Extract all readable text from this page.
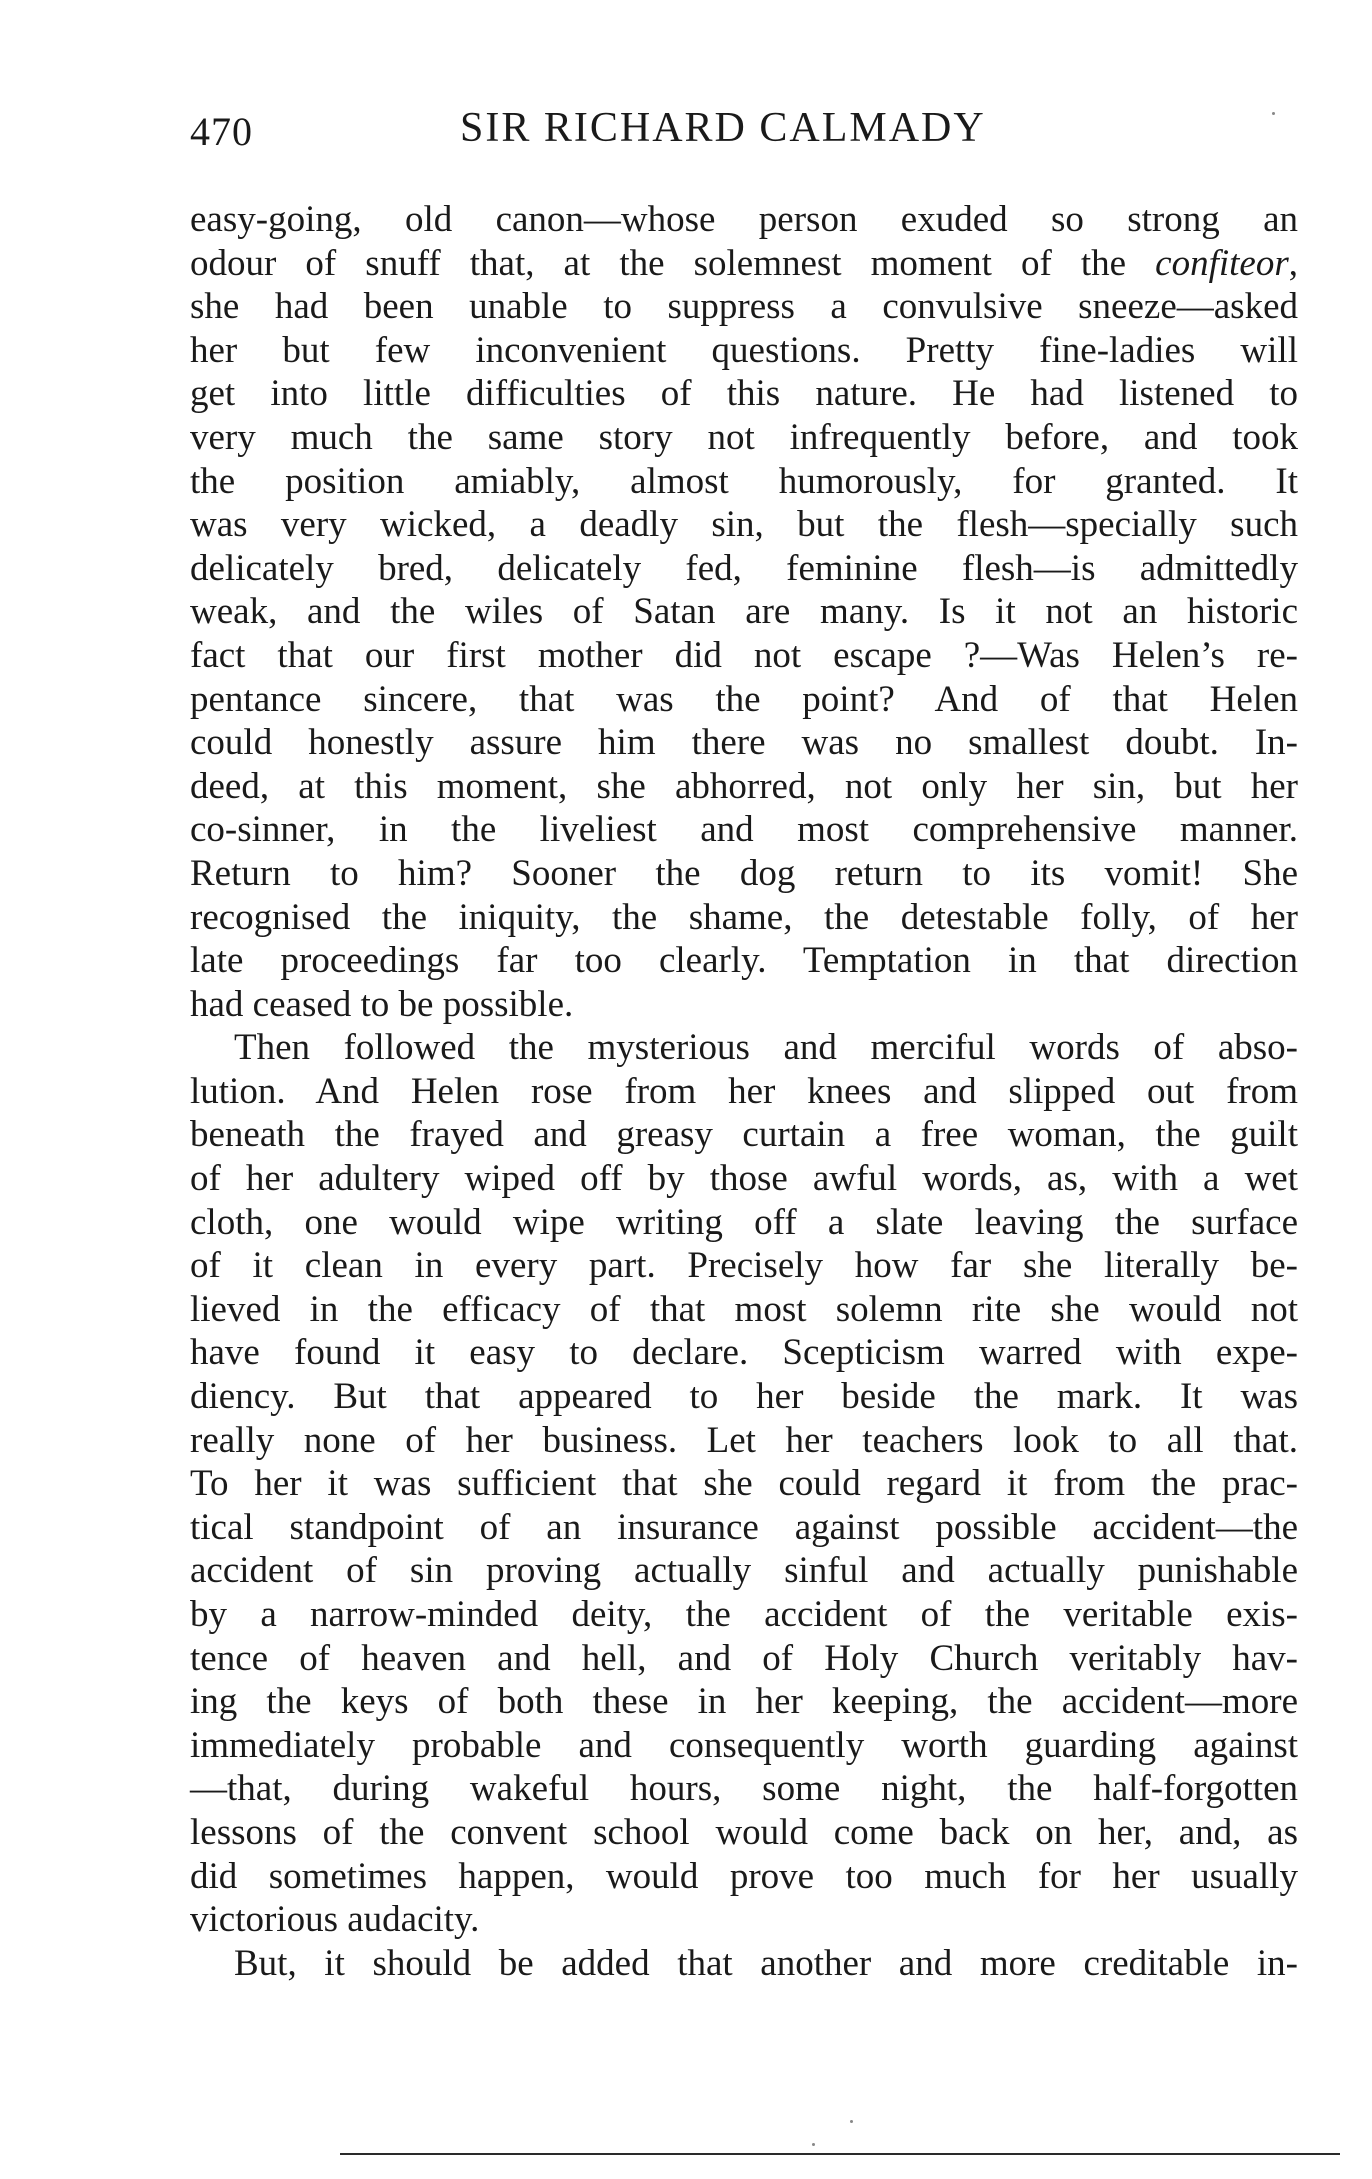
470	SIR RICHARD CALMADY
easy-going, old canon—whose person exuded so strong an
odour of snuff that, at the solemnest moment of the confiteor,
she had been unable to suppress a convulsive sneeze—asked
her but few inconvenient questions. Pretty fine-ladies will
get into little difficulties of this nature. He had listened to
very much the same story not infrequently before, and took
the position amiably, almost humorously, for granted. It
was very wicked, a deadly sin, but the flesh—specially such
delicately bred, delicately fed, feminine flesh—is admittedly
weak, and the wiles of Satan are many. Is it not an historic
fact that our first mother did not escape ?—Was Helen’s re-
pentance sincere, that was the point? And of that Helen
could honestly assure him there was no smallest doubt. In-
deed, at this moment, she abhorred, not only her sin, but her
co-sinner, in the liveliest and most comprehensive manner.
Return to him? Sooner the dog return to its vomit! She
recognised the iniquity, the shame, the detestable folly, of her
late proceedings far too clearly. Temptation in that direction
had ceased to be possible.
Then followed the mysterious and merciful words of abso-
lution. And Helen rose from her knees and slipped out from
beneath the frayed and greasy curtain a free woman, the guilt
of her adultery wiped off by those awful words, as, with a wet
cloth, one would wipe writing off a slate leaving the surface
of it clean in every part. Precisely how far she literally be-
lieved in the efficacy of that most solemn rite she would not
have found it easy to declare. Scepticism warred with expe-
diency. But that appeared to her beside the mark. It was
really none of her business. Let her teachers look to all that.
To her it was sufficient that she could regard it from the prac-
tical standpoint of an insurance against possible accident—the
accident of sin proving actually sinful and actually punishable
by a narrow-minded deity, the accident of the veritable exis-
tence of heaven and hell, and of Holy Church veritably hav-
ing the keys of both these in her keeping, the accident—more
immediately probable and consequently worth guarding against
—that, during wakeful hours, some night, the half-forgotten
lessons of the convent school would come back on her, and, as
did sometimes happen, would prove too much for her usually
victorious audacity.
But, it should be added that another and more creditable in-
